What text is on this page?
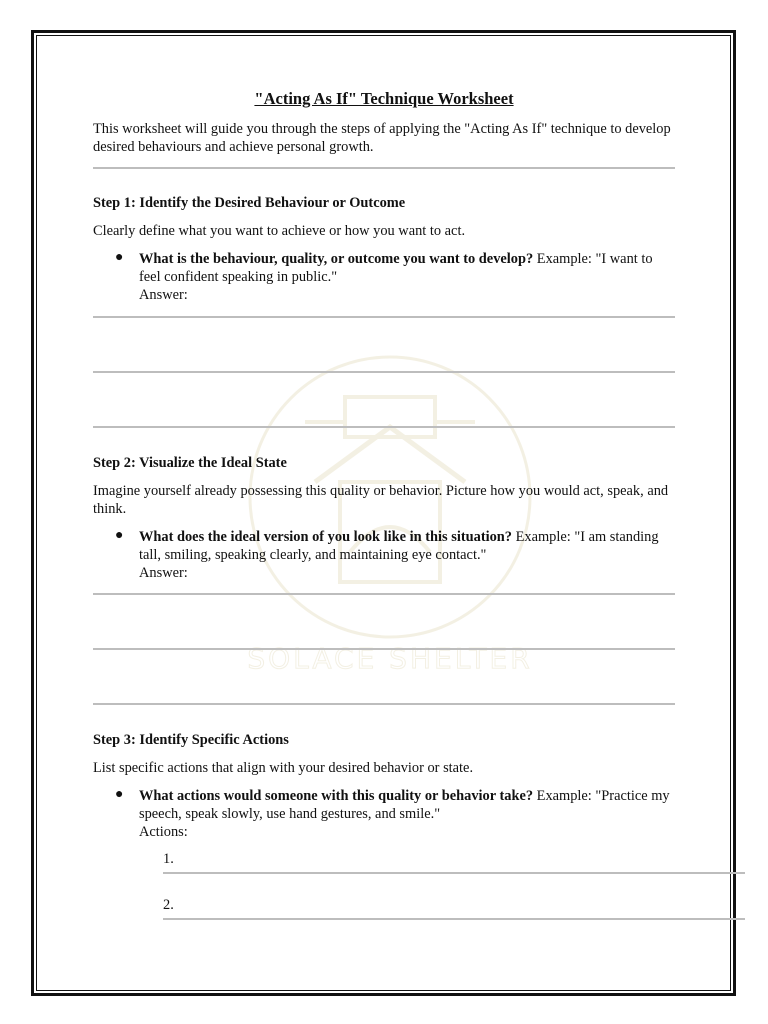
SOLACE SHELTER
"Acting As If" Technique Worksheet

This worksheet will guide you through the steps of applying the "Acting As If" technique to develop desired behaviours and achieve personal growth.

Step 1: Identify the Desired Behaviour or Outcome

Clearly define what you want to achieve or how you want to act.

● What is the behaviour, quality, or outcome you want to develop? Example: "I want to feel confident speaking in public."

Answer:

Step 2: Visualize the Ideal State

Imagine yourself already possessing this quality or behavior. Picture how you would act, speak, and think.

● What does the ideal version of you look like in this situation? Example: "I am standing tall, smiling, speaking clearly, and maintaining eye contact."

Answer:

Step 3: Identify Specific Actions

List specific actions that align with your desired behavior or state.

● What actions would someone with this quality or behavior take? Example: "Practice my speech, speak slowly, use hand gestures, and smile."

Actions:

1.

2.
